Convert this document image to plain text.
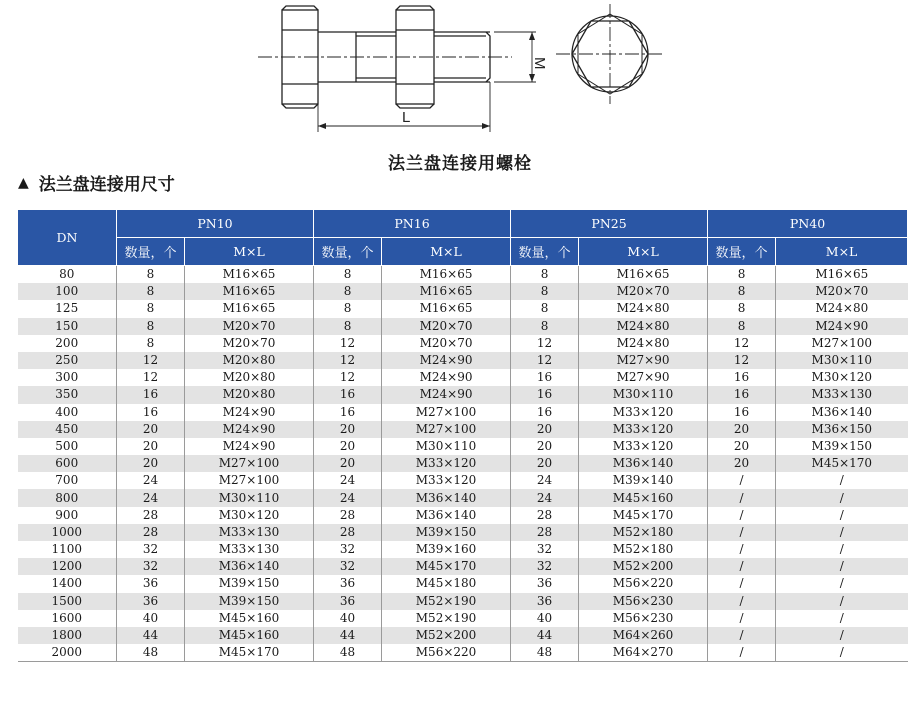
M
L
法兰盘连接用螺栓
▲ 法兰盘连接用尺寸
DN	PN10		PN16		PN25		PN40	
	数量，个	M×L	数量，个	M×L	数量，个	M×L	数量，个	M×L
80	8	M16×65	8	M16×65	8	M16×65	8	M16×65
100	8	M16×65	8	M16×65	8	M20×70	8	M20×70
125	8	M16×65	8	M16×65	8	M24×80	8	M24×80
150	8	M20×70	8	M20×70	8	M24×80	8	M24×90
200	8	M20×70	12	M20×70	12	M24×80	12	M27×100
250	12	M20×80	12	M24×90	12	M27×90	12	M30×110
300	12	M20×80	12	M24×90	16	M27×90	16	M30×120
350	16	M20×80	16	M24×90	16	M30×110	16	M33×130
400	16	M24×90	16	M27×100	16	M33×120	16	M36×140
450	20	M24×90	20	M27×100	20	M33×120	20	M36×150
500	20	M24×90	20	M30×110	20	M33×120	20	M39×150
600	20	M27×100	20	M33×120	20	M36×140	20	M45×170
700	24	M27×100	24	M33×120	24	M39×140	/	/
800	24	M30×110	24	M36×140	24	M45×160	/	/
900	28	M30×120	28	M36×140	28	M45×170	/	/
1000	28	M33×130	28	M39×150	28	M52×180	/	/
1100	32	M33×130	32	M39×160	32	M52×180	/	/
1200	32	M36×140	32	M45×170	32	M52×200	/	/
1400	36	M39×150	36	M45×180	36	M56×220	/	/
1500	36	M39×150	36	M52×190	36	M56×230	/	/
1600	40	M45×160	40	M52×190	40	M56×230	/	/
1800	44	M45×160	44	M52×200	44	M64×260	/	/
2000	48	M45×170	48	M56×220	48	M64×270	/	/
